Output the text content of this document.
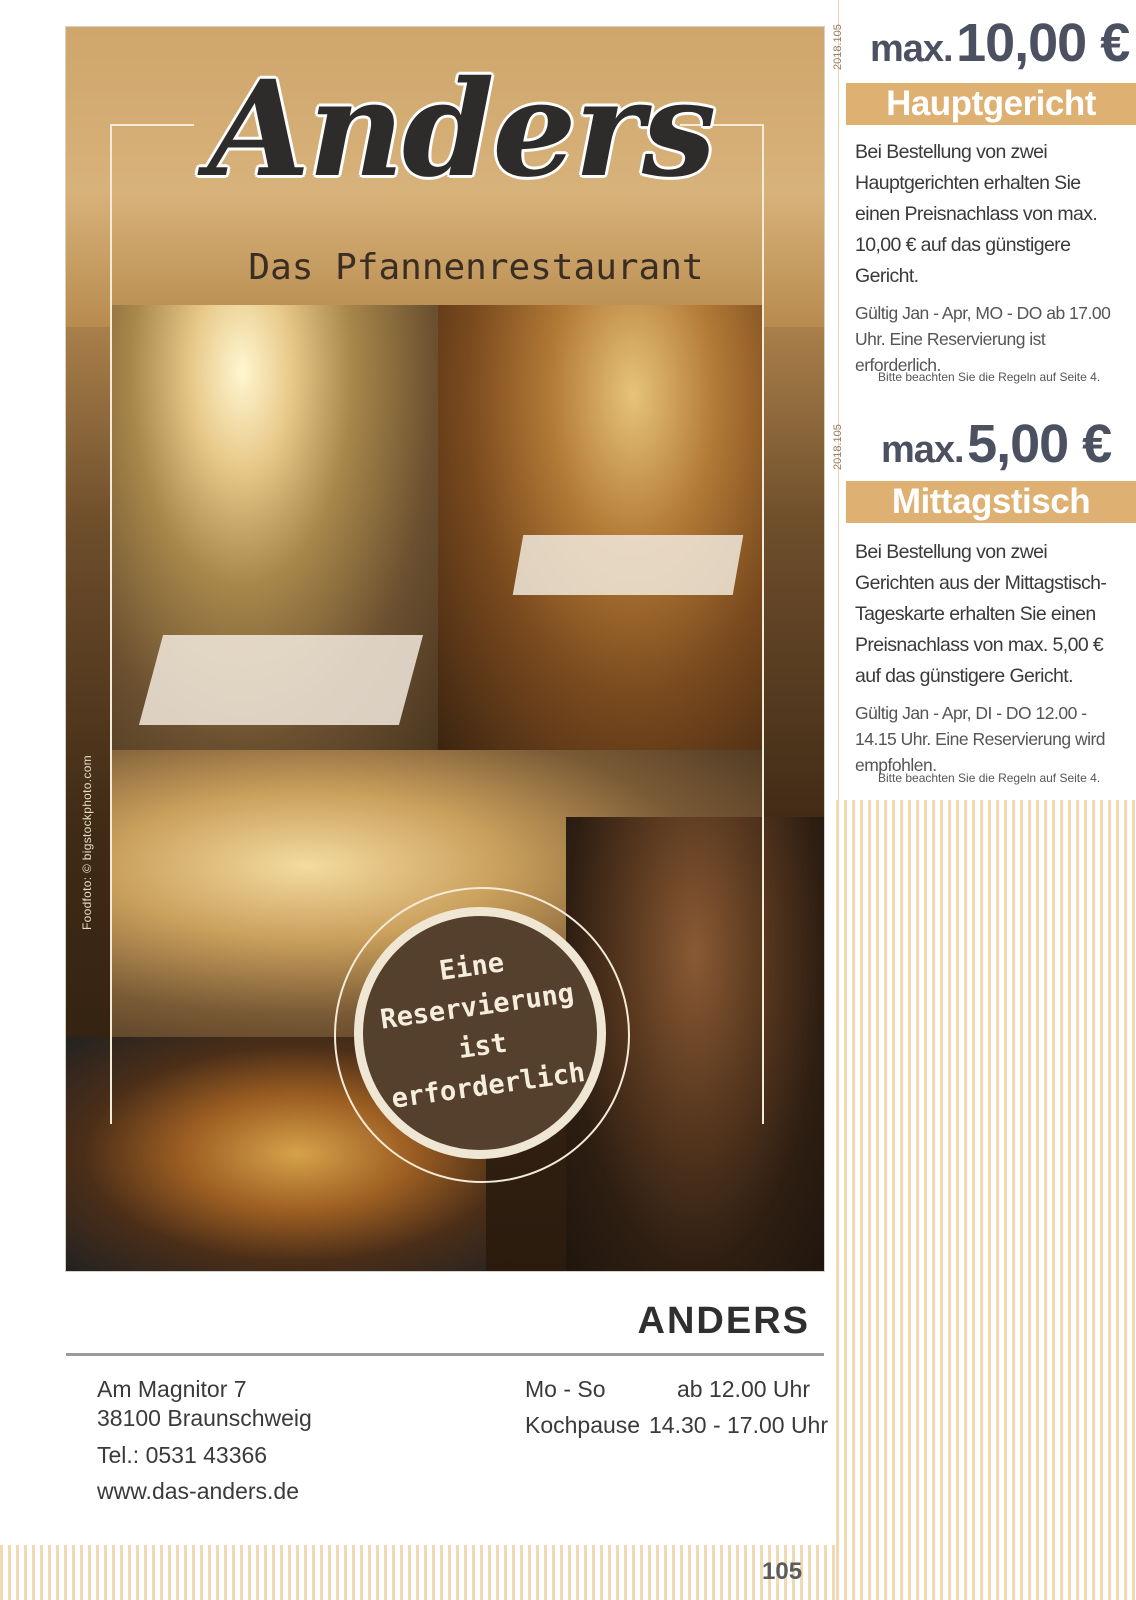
Anders
Das Pfannenrestaurant
Eine
Reservierung
ist erforderlich
Foodfoto: © bigstockphoto.com
2018.105 max. 10,00 €
Hauptgericht
Bei Bestellung von zwei Hauptgerichten erhalten Sie einen Preisnachlass von max. 10,00 € auf das günstigere Gericht.
Gültig Jan - Apr, MO - DO ab 17.00 Uhr. Eine Reservierung ist erforderlich.
Bitte beachten Sie die Regeln auf Seite 4.
2018.105 max. 5,00 €
Mittagstisch
Bei Bestellung von zwei Gerichten aus der Mittagstisch-Tageskarte erhalten Sie einen Preisnachlass von max. 5,00 € auf das günstigere Gericht.
Gültig Jan - Apr, DI - DO 12.00 - 14.15 Uhr. Eine Reservierung wird empfohlen.
Bitte beachten Sie die Regeln auf Seite 4.
ANDERS
Am Magnitor 7
38100 Braunschweig
Tel.: 0531 43366
www.das-anders.de
Mo - So	ab 12.00 Uhr
Kochpause 14.30 - 17.00 Uhr
105
